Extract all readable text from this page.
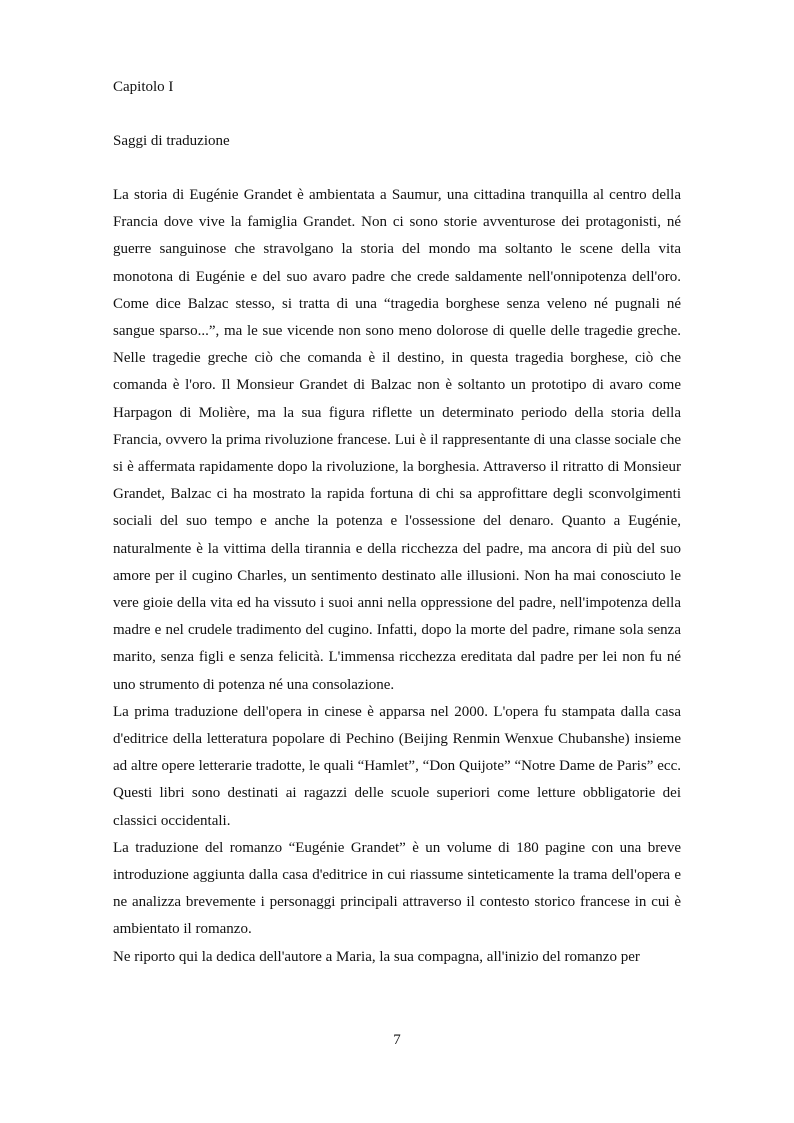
Capitolo I
Saggi di traduzione

La storia di Eugénie Grandet è ambientata a Saumur, una cittadina tranquilla al centro della Francia dove vive la famiglia Grandet. Non ci sono storie avventurose dei protagonisti, né guerre sanguinose che stravolgano la storia del mondo ma soltanto le scene della vita monotona di Eugénie e del suo avaro padre che crede saldamente nell'onnipotenza dell'oro. Come dice Balzac stesso, si tratta di una “tragedia borghese senza veleno né pugnali né sangue sparso...”, ma le sue vicende non sono meno dolorose di quelle delle tragedie greche. Nelle tragedie greche ciò che comanda è il destino, in questa tragedia borghese, ciò che comanda è l'oro. Il Monsieur Grandet di Balzac non è soltanto un prototipo di avaro come Harpagon di Molière, ma la sua figura riflette un determinato periodo della storia della Francia, ovvero la prima rivoluzione francese. Lui è il rappresentante di una classe sociale che si è affermata rapidamente dopo la rivoluzione, la borghesia. Attraverso il ritratto di Monsieur Grandet, Balzac ci ha mostrato la rapida fortuna di chi sa approfittare degli sconvolgimenti sociali del suo tempo e anche la potenza e l'ossessione del denaro. Quanto a Eugénie, naturalmente è la vittima della tirannia e della ricchezza del padre, ma ancora di più del suo amore per il cugino Charles, un sentimento destinato alle illusioni. Non ha mai conosciuto le vere gioie della vita ed ha vissuto i suoi anni nella oppressione del padre, nell'impotenza della madre e nel crudele tradimento del cugino. Infatti, dopo la morte del padre, rimane sola senza marito, senza figli e senza felicità. L'immensa ricchezza ereditata dal padre per lei non fu né uno strumento di potenza né una consolazione.

La prima traduzione dell'opera in cinese è apparsa nel 2000. L'opera fu stampata dalla casa d'editrice della letteratura popolare di Pechino (Beijing Renmin Wenxue Chubanshe) insieme ad altre opere letterarie tradotte, le quali “Hamlet”, “Don Quijote” “Notre Dame de Paris” ecc. Questi libri sono destinati ai ragazzi delle scuole superiori come letture obbligatorie dei classici occidentali.

La traduzione del romanzo “Eugénie Grandet” è un volume di 180 pagine con una breve introduzione aggiunta dalla casa d'editrice in cui riassume sinteticamente la trama dell'opera e ne analizza brevemente i personaggi principali attraverso il contesto storico francese in cui è ambientato il romanzo.

Ne riporto qui la dedica dell'autore a Maria, la sua compagna, all'inizio del romanzo per

7
